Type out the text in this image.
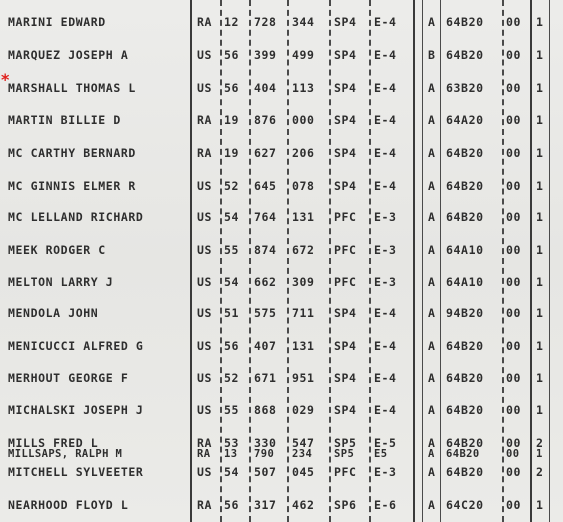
*
MARINI EDWARD	RA 12 728 344 SP4 E-4	A 64B20 00 1
MARQUEZ JOSEPH A	US 56 399 499 SP4 E-4	B 64B20 00 1
MARSHALL THOMAS L	US 56 404 113 SP4 E-4	A 63B20 00 1
MARTIN BILLIE D	RA 19 876 000 SP4 E-4	A 64A20 00 1
MC CARTHY BERNARD	RA 19 627 206 SP4 E-4	A 64B20 00 1
MC GINNIS ELMER R	US 52 645 078 SP4 E-4	A 64B20 00 1
MC LELLAND RICHARD	US 54 764 131 PFC E-3	A 64B20 00 1
MEEK RODGER C	US 55 874 672 PFC E-3	A 64A10 00 1
MELTON LARRY J	US 54 662 309 PFC E-3	A 64A10 00 1
MENDOLA JOHN	US 51 575 711 SP4 E-4	A 94B20 00 1
MENICUCCI ALFRED G	US 56 407 131 SP4 E-4	A 64B20 00 1
MERHOUT GEORGE F	US 52 671 951 SP4 E-4	A 64B20 00 1
MICHALSKI JOSEPH J	US 55 868 029 SP4 E-4	A 64B20 00 1
MILLS FRED L	RA 53 330 547 SP5 E-5	A 64B20 00 2
MILLSAPS, RALPH M	RA 13 790 234 SP5 E5	A 64B20	00 1
MITCHELL SYLVEETER	US 54 507 045 PFC E-3	A 64B20 00 2
NEARHOOD FLOYD L	RA 56 317 462 SP6 E-6	A 64C20 00 1
